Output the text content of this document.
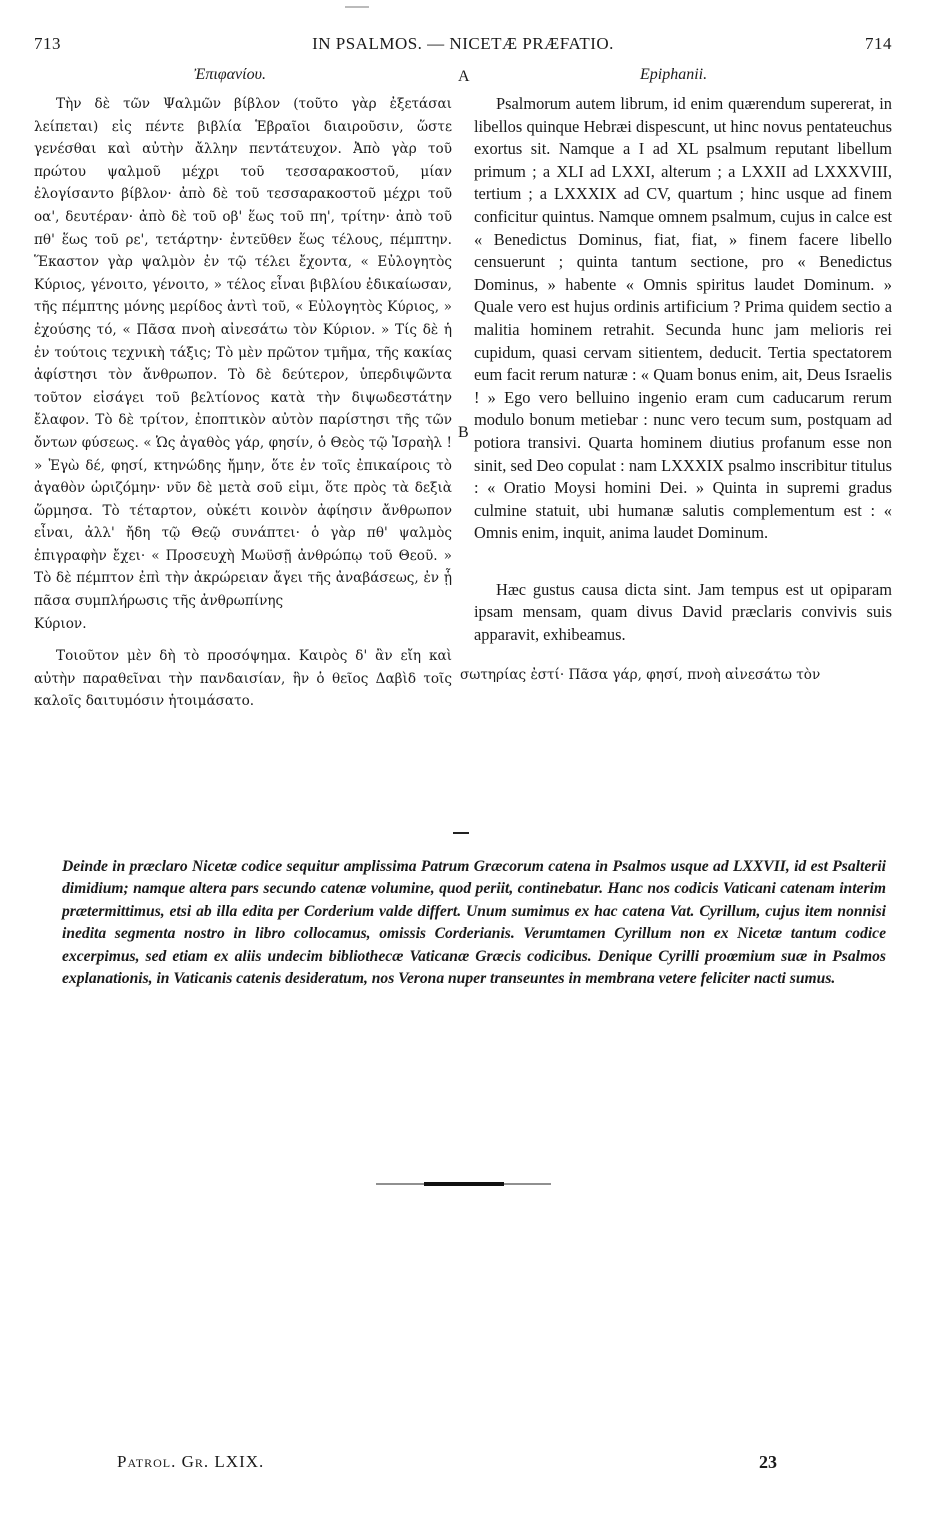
713	IN PSALMOS. — NICETÆ PRÆFATIO.	714
Ἐπιφανίου.	A	Epiphanii.
B

Τὴν δὲ τῶν Ψαλμῶν βίβλον (τοῦτο γὰρ ἐξετάσαι λείπεται) εἰς πέντε βιβλία Ἑβραῖοι διαιροῦσιν, ὥστε γενέσθαι καὶ αὐτὴν ἄλλην πεντάτευχον. Ἀπὸ γὰρ τοῦ πρώτου ψαλμοῦ μέχρι τοῦ τεσσαρακοστοῦ, μίαν ἐλογίσαντο βίβλον· ἀπὸ δὲ τοῦ τεσσαρακοστοῦ μέχρι τοῦ οα', δευτέραν· ἀπὸ δὲ τοῦ οβ' ἕως τοῦ πη', τρίτην· ἀπὸ τοῦ πθ' ἕως τοῦ ρε', τετάρτην· ἐντεῦθεν ἕως τέλους, πέμπτην. Ἕκαστον γὰρ ψαλμὸν ἐν τῷ τέλει ἔχοντα, « Εὐλογητὸς Κύριος, γένοιτο, γένοιτο, » τέλος εἶναι βιβλίου ἐδικαίωσαν, τῆς πέμπτης μόνης μερίδος ἀντὶ τοῦ, « Εὐλογητὸς Κύριος, » ἐχούσης τό, « Πᾶσα πνοὴ αἰνεσάτω τὸν Κύριον. » Τίς δὲ ἡ ἐν τούτοις τεχνικὴ τάξις; Τὸ μὲν πρῶτον τμῆμα, τῆς κακίας ἀφίστησι τὸν ἄνθρωπον. Τὸ δὲ δεύτερον, ὑπερδιψῶντα τοῦτον εἰσάγει τοῦ βελτίονος κατὰ τὴν διψωδεστάτην ἔλαφον. Τὸ δὲ τρίτον, ἐποπτικὸν αὐτὸν παρίστησι τῆς τῶν ὄντων φύσεως. « Ὡς ἀγαθὸς γάρ, φησίν, ὁ Θεὸς τῷ Ἰσραὴλ ! » Ἐγὼ δέ, φησί, κτηνώδης ἤμην, ὅτε ἐν τοῖς ἐπικαίροις τὸ ἀγαθὸν ὡριζόμην· νῦν δὲ μετὰ σοῦ εἰμι, ὅτε πρὸς τὰ δεξιὰ ὥρμησα. Τὸ τέταρτον, οὐκέτι κοινὸν ἀφίησιν ἄνθρωπον εἶναι, ἀλλ' ἤδη τῷ Θεῷ συνάπτει· ὁ γὰρ πθ' ψαλμὸς ἐπιγραφὴν ἔχει· « Προσευχὴ Μωϋσῇ ἀνθρώπῳ τοῦ Θεοῦ. » Τὸ δὲ πέμπτον ἐπὶ τὴν ἀκρώρειαν ἄγει τῆς ἀναβάσεως, ἐν ᾗ πᾶσα συμπλήρωσις τῆς ἀνθρωπίνης

Κύριον.

Τοιοῦτον μὲν δὴ τὸ προσόψημα. Καιρὸς δ' ἂν εἴη καὶ αὐτὴν παραθεῖναι τὴν πανδαισίαν, ἣν ὁ θεῖος Δαβὶδ τοῖς καλοῖς δαιτυμόσιν ἡτοιμάσατο.

Psalmorum autem librum, id enim quærendum supererat, in libellos quinque Hebræi dispescunt, ut hinc novus pentateuchus exortus sit. Namque a I ad XL psalmum reputant libellum primum ; a XLI ad LXXI, alterum ; a LXXII ad LXXXVIII, tertium ; a LXXXIX ad CV, quartum ; hinc usque ad finem conficitur quintus. Namque omnem psalmum, cujus in calce est « Benedictus Dominus, fiat, fiat, » finem facere libello censuerunt ; quinta tantum sectione, pro « Benedictus Dominus, » habente « Omnis spiritus laudet Dominum. » Quale vero est hujus ordinis artificium ? Prima quidem sectio a malitia hominem retrahit. Secunda hunc jam melioris rei cupidum, quasi cervam sitientem, deducit. Tertia spectatorem eum facit rerum naturæ : « Quam bonus enim, ait, Deus Israelis ! » Ego vero belluino ingenio eram cum caducarum rerum modulo bonum metiebar : nunc vero tecum sum, postquam ad potiora transivi. Quarta hominem diutius profanum esse non sinit, sed Deo copulat : nam LXXXIX psalmo inscribitur titulus : « Oratio Moysi homini Dei. » Quinta in supremi gradus culmine statuit, ubi humanæ salutis complementum est : « Omnis enim, inquit, anima laudet Dominum.

Hæc gustus causa dicta sint. Jam tempus est ut opiparam ipsam mensam, quam divus David præclaris convivis suis apparavit, exhibeamus.

σωτηρίας ἐστί· Πᾶσα γάρ, φησί, πνοὴ αἰνεσάτω τὸν
Deinde in præclaro Nicetæ codice sequitur amplissima Patrum Græcorum catena in Psalmos usque ad LXXVII, id est Psalterii dimidium; namque altera pars secundo catenæ volumine, quod periit, continebatur. Hanc nos codicis Vaticani catenam interim prætermittimus, etsi ab illa edita per Corderium valde differt. Unum sumimus ex hac catena Vat. Cyrillum, cujus item nonnisi inedita segmenta nostro in libro collocamus, omissis Corderianis. Verumtamen Cyrillum non ex Nicetæ tantum codice excerpimus, sed etiam ex aliis undecim bibliothecæ Vaticanæ Græcis codicibus. Denique Cyrilli proœmium suæ in Psalmos explanationis, in Vaticanis catenis desideratum, nos Verona nuper transeuntes in membrana vetere feliciter nacti sumus.
Patrol. Gr. LXIX.	23
